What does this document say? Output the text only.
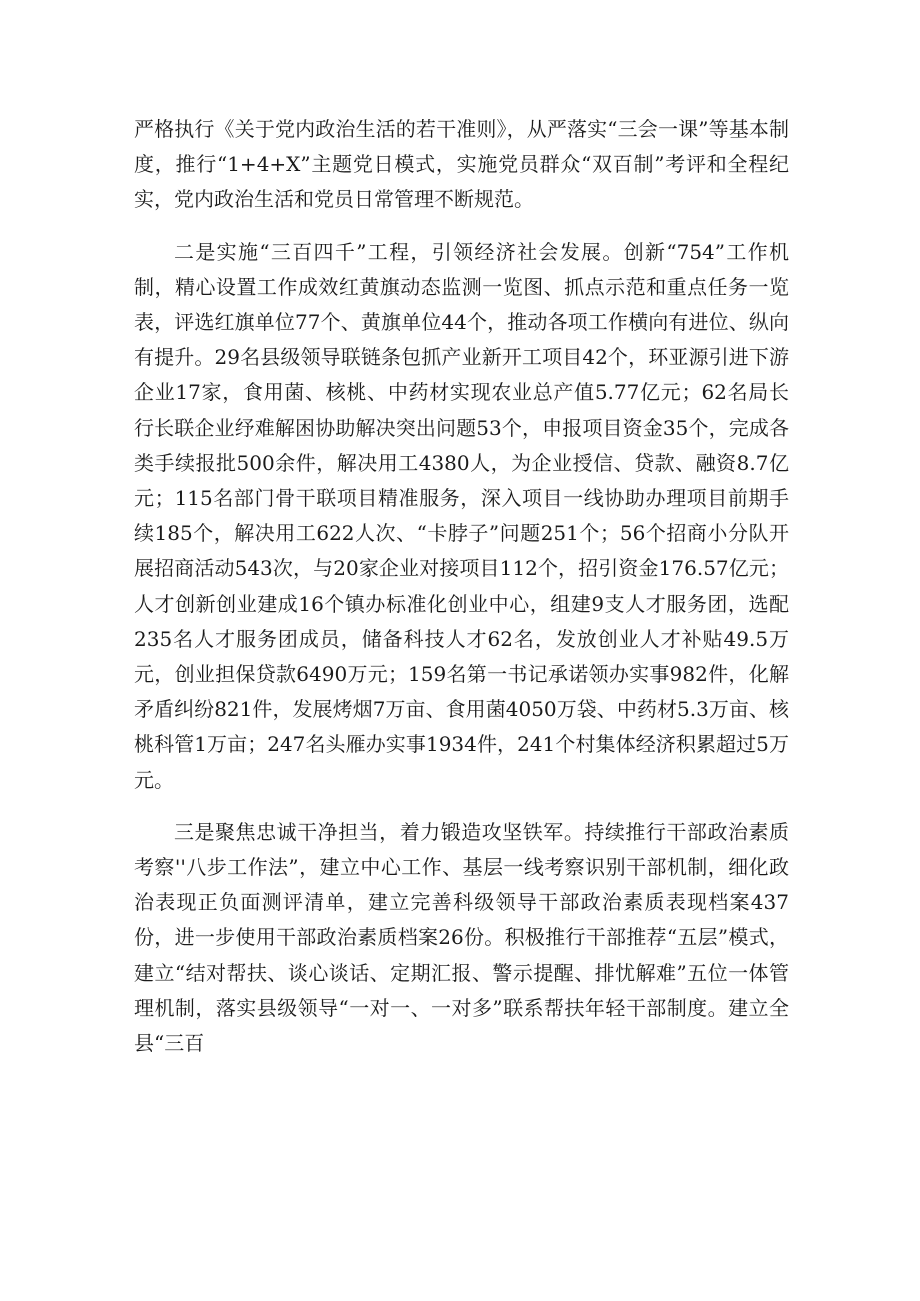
严格执行《关于党内政治生活的若干准则》，从严落实“三会一课”等基本制度，推行“1+4+X”主题党日模式，实施党员群众“双百制”考评和全程纪实，党内政治生活和党员日常管理不断规范。

二是实施“三百四千”工程，引领经济社会发展。创新“754”工作机制，精心设置工作成效红黄旗动态监测一览图、抓点示范和重点任务一览表，评选红旗单位77个、黄旗单位44个，推动各项工作横向有进位、纵向有提升。29名县级领导联链条包抓产业新开工项目42个，环亚源引进下游企业17家，食用菌、核桃、中药材实现农业总产值5.77亿元；62名局长行长联企业纾难解困协助解决突出问题53个，申报项目资金35个，完成各类手续报批500余件，解决用工4380人，为企业授信、贷款、融资8.7亿元；115名部门骨干联项目精准服务，深入项目一线协助办理项目前期手续185个，解决用工622人次、“卡脖子”问题251个；56个招商小分队开展招商活动543次，与20家企业对接项目112个，招引资金176.57亿元；人才创新创业建成16个镇办标准化创业中心，组建9支人才服务团，选配235名人才服务团成员，储备科技人才62名，发放创业人才补贴49.5万元，创业担保贷款6490万元；159名第一书记承诺领办实事982件，化解矛盾纠纷821件，发展烤烟7万亩、食用菌4050万袋、中药材5.3万亩、核桃科管1万亩；247名头雁办实事1934件，241个村集体经济积累超过5万元。

三是聚焦忠诚干净担当，着力锻造攻坚铁军。持续推行干部政治素质考察''八步工作法”，建立中心工作、基层一线考察识别干部机制，细化政治表现正负面测评清单，建立完善科级领导干部政治素质表现档案437份，进一步使用干部政治素质档案26份。积极推行干部推荐“五层”模式，建立“结对帮扶、谈心谈话、定期汇报、警示提醒、排忧解难”五位一体管理机制，落实县级领导“一对一、一对多”联系帮扶年轻干部制度。建立全县“三百
